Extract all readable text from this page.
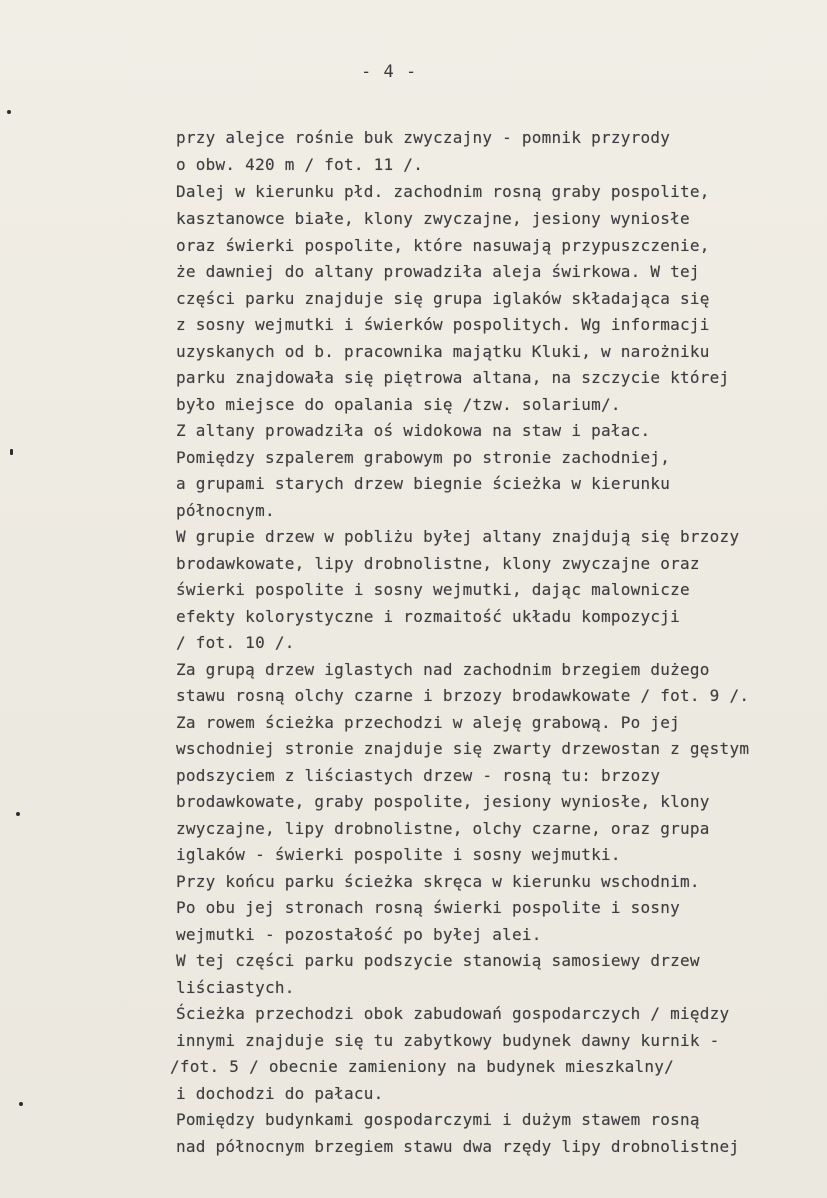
- 4 -
przy alejce rośnie buk zwyczajny - pomnik przyrody
o obw. 420 m / fot. 11 /.
Dalej w kierunku płd. zachodnim rosną graby pospolite,
kasztanowce białe, klony zwyczajne, jesiony wyniosłe
oraz świerki pospolite, które nasuwają przypuszczenie,
że dawniej do altany prowadziła aleja świrkowa. W tej
części parku znajduje się grupa iglaków składająca się
z sosny wejmutki i świerków pospolitych. Wg informacji
uzyskanych od b. pracownika majątku Kluki, w narożniku
parku znajdowała się piętrowa altana, na szczycie której
było miejsce do opalania się /tzw. solarium/.
Z altany prowadziła oś widokowa na staw i pałac.
Pomiędzy szpalerem grabowym po stronie zachodniej,
a grupami starych drzew biegnie ścieżka w kierunku
północnym.
W grupie drzew w pobliżu byłej altany znajdują się brzozy
brodawkowate, lipy drobnolistne, klony zwyczajne oraz
świerki pospolite i sosny wejmutki, dając malownicze
efekty kolorystyczne i rozmaitość układu kompozycji
/ fot. 10 /.
Za grupą drzew iglastych nad zachodnim brzegiem dużego
stawu rosną olchy czarne i brzozy brodawkowate / fot. 9 /.
Za rowem ścieżka przechodzi w aleję grabową. Po jej
wschodniej stronie znajduje się zwarty drzewostan z gęstym
podszyciem z liściastych drzew - rosną tu: brzozy
brodawkowate, graby pospolite, jesiony wyniosłe, klony
zwyczajne, lipy drobnolistne, olchy czarne, oraz grupa
iglaków - świerki pospolite i sosny wejmutki.
Przy końcu parku ścieżka skręca w kierunku wschodnim.
Po obu jej stronach rosną świerki pospolite i sosny
wejmutki - pozostałość po byłej alei.
W tej części parku podszycie stanowią samosiewy drzew
liściastych.
Ścieżka przechodzi obok zabudowań gospodarczych / między
innymi znajduje się tu zabytkowy budynek dawny kurnik -
/fot. 5 / obecnie zamieniony na budynek mieszkalny/
i dochodzi do pałacu.
Pomiędzy budynkami gospodarczymi i dużym stawem rosną
nad północnym brzegiem stawu dwa rzędy lipy drobnolistnej
